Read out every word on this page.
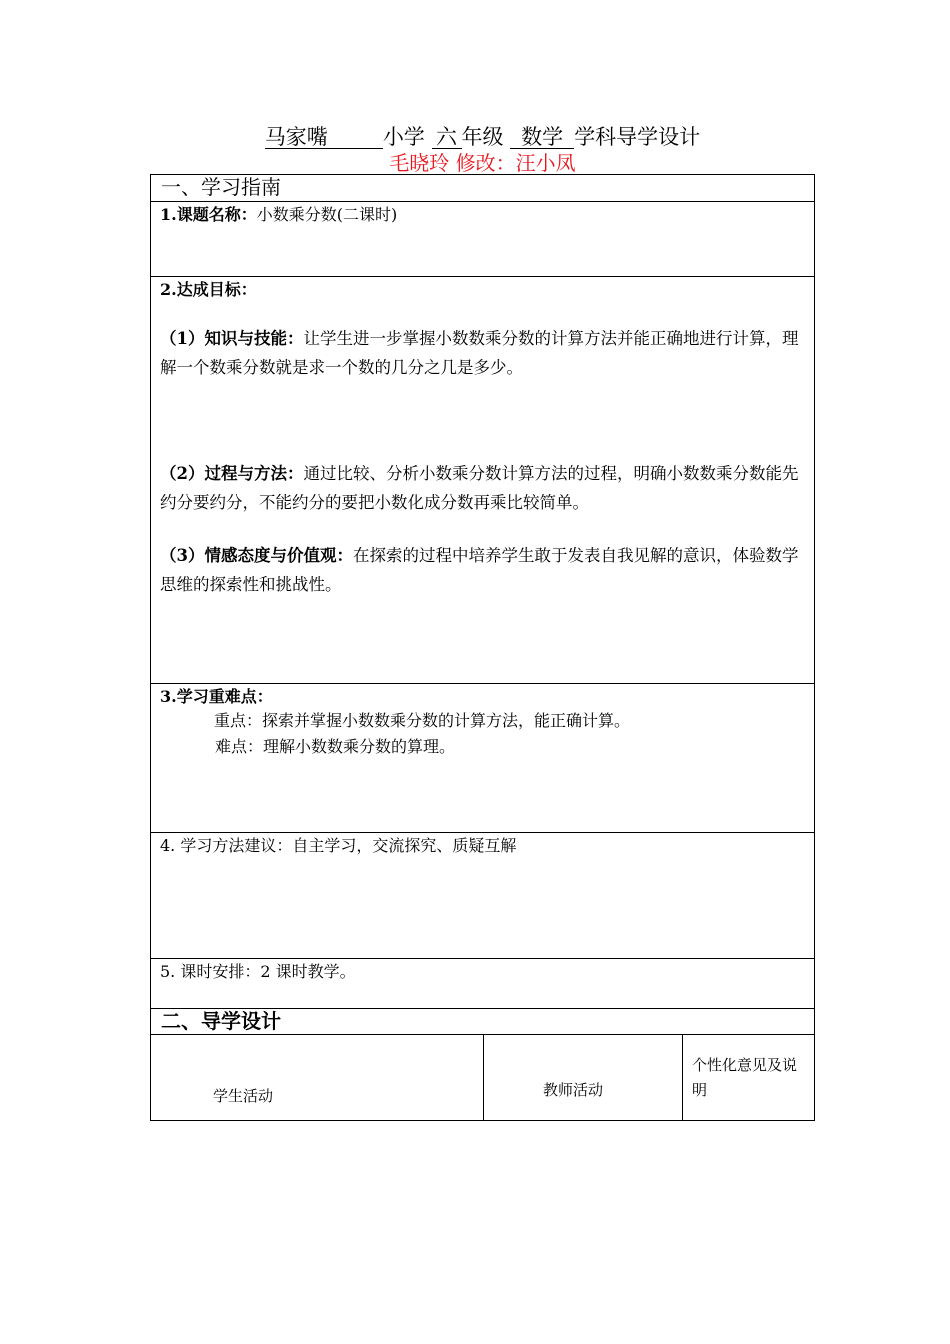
马家嘴	小学 六 年级 数学 学科导学设计
毛晓玲 修改：汪小凤
一、学习指南
1.课题名称：小数乘分数(二课时)
2.达成目标：
（1）知识与技能：让学生进一步掌握小数数乘分数的计算方法并能正确地进行计算，理解一个数乘分数就是求一个数的几分之几是多少。
（2）过程与方法：通过比较、分析小数乘分数计算方法的过程，明确小数数乘分数能先约分要约分，不能约分的要把小数化成分数再乘比较简单。
（3）情感态度与价值观：在探索的过程中培养学生敢于发表自我见解的意识，体验数学思维的探索性和挑战性。
3.学习重难点：
重点：探索并掌握小数数乘分数的计算方法，能正确计算。
难点：理解小数数乘分数的算理。
4. 学习方法建议：自主学习，交流探究、质疑互解
5. 课时安排：2 课时教学。
二、导学设计
学生活动	教师活动
个性化意见及说明
